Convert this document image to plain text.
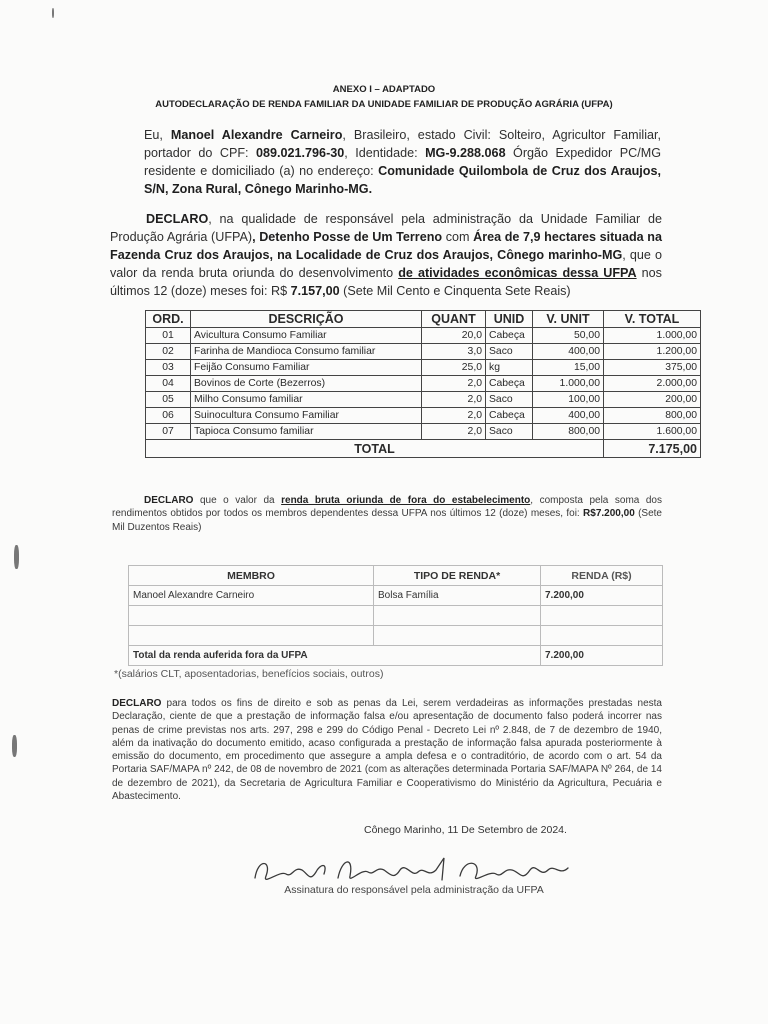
ANEXO I – ADAPTADO
AUTODECLARAÇÃO DE RENDA FAMILIAR DA UNIDADE FAMILIAR DE PRODUÇÃO AGRÁRIA (UFPA)
Eu, Manoel Alexandre Carneiro, Brasileiro, estado Civil: Solteiro, Agricultor Familiar, portador do CPF: 089.021.796-30, Identidade: MG-9.288.068 Órgão Expedidor PC/MG residente e domiciliado (a) no endereço: Comunidade Quilombola de Cruz dos Araujos, S/N, Zona Rural, Cônego Marinho-MG.
DECLARO, na qualidade de responsável pela administração da Unidade Familiar de Produção Agrária (UFPA), Detenho Posse de Um Terreno com Área de 7,9 hectares situada na Fazenda Cruz dos Araujos, na Localidade de Cruz dos Araujos, Cônego marinho-MG, que o valor da renda bruta oriunda do desenvolvimento de atividades econômicas dessa UFPA nos últimos 12 (doze) meses foi: R$ 7.157,00 (Sete Mil Cento e Cinquenta Sete Reais)
ORD.	DESCRIÇÃO	QUANT	UNID	V. UNIT	V. TOTAL
01	Avicultura Consumo Familiar	20,0	Cabeça	50,00	1.000,00
02	Farinha de Mandioca Consumo familiar	3,0	Saco	400,00	1.200,00
03	Feijão Consumo Familiar	25,0	kg	15,00	375,00
04	Bovinos de Corte (Bezerros)	2,0	Cabeça	1.000,00	2.000,00
05	Milho Consumo familiar	2,0	Saco	100,00	200,00
06	Suinocultura Consumo Familiar	2,0	Cabeça	400,00	800,00
07	Tapioca Consumo familiar	2,0	Saco	800,00	1.600,00
TOTAL					7.175,00
DECLARO que o valor da renda bruta oriunda de fora do estabelecimento, composta pela soma dos rendimentos obtidos por todos os membros dependentes dessa UFPA nos últimos 12 (doze) meses, foi: R$7.200,00 (Sete Mil Duzentos Reais)
MEMBRO	TIPO DE RENDA*	RENDA (R$)
Manoel Alexandre Carneiro	Bolsa Família	7.200,00

Total da renda auferida fora da UFPA		7.200,00
*(salários CLT, aposentadorias, benefícios sociais, outros)
DECLARO para todos os fins de direito e sob as penas da Lei, serem verdadeiras as informações prestadas nesta Declaração, ciente de que a prestação de informação falsa e/ou apresentação de documento falso poderá incorrer nas penas de crime previstas nos arts. 297, 298 e 299 do Código Penal - Decreto Lei nº 2.848, de 7 de dezembro de 1940, além da inativação do documento emitido, acaso configurada a prestação de informação falsa apurada posteriormente à emissão do documento, em procedimento que assegure a ampla defesa e o contraditório, de acordo com o art. 54 da Portaria SAF/MAPA nº 242, de 08 de novembro de 2021 (com as alterações determinada Portaria SAF/MAPA Nº 264, de 14 de dezembro de 2021), da Secretaria de Agricultura Familiar e Cooperativismo do Ministério da Agricultura, Pecuária e Abastecimento.
Cônego Marinho, 11 De Setembro de 2024.
Assinatura do responsável pela administração da UFPA
